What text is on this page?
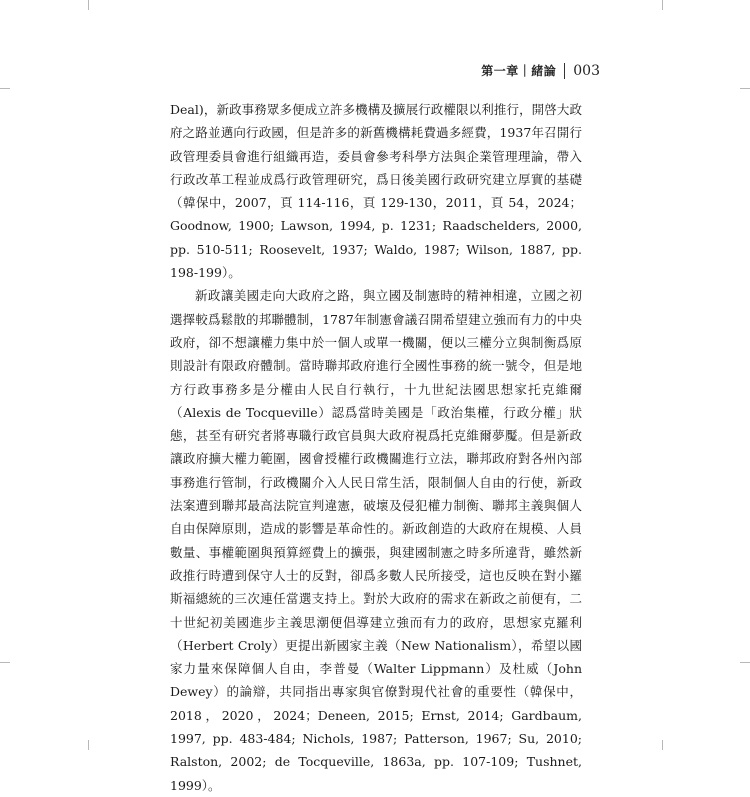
第一章｜緒論 003

Deal)，新政事務眾多便成立許多機構及擴展行政權限以利推行，開啓大政府之路並邁向行政國，但是許多的新舊機構耗費過多經費，1937年召開行政管理委員會進行組織再造，委員會參考科學方法與企業管理理論，帶入行政改革工程並成爲行政管理研究，爲日後美國行政研究建立厚實的基礎（韓保中，2007，頁 114-116，頁 129-130，2011，頁 54，2024；Goodnow, 1900; Lawson, 1994, p. 1231; Raadschelders, 2000, pp. 510-511; Roosevelt, 1937; Waldo, 1987; Wilson, 1887, pp. 198-199）。

新政讓美國走向大政府之路，與立國及制憲時的精神相違，立國之初選擇較爲鬆散的邦聯體制，1787年制憲會議召開希望建立強而有力的中央政府，卻不想讓權力集中於一個人或單一機關，便以三權分立與制衡爲原則設計有限政府體制。當時聯邦政府進行全國性事務的統一號令，但是地方行政事務多是分權由人民自行執行，十九世紀法國思想家托克維爾（Alexis de Tocqueville）認爲當時美國是「政治集權，行政分權」狀態，甚至有研究者將專職行政官員與大政府視爲托克維爾夢魘。但是新政讓政府擴大權力範圍，國會授權行政機關進行立法，聯邦政府對各州內部事務進行管制，行政機關介入人民日常生活，限制個人自由的行使，新政法案遭到聯邦最高法院宣判違憲，破壞及侵犯權力制衡、聯邦主義與個人自由保障原則，造成的影響是革命性的。新政創造的大政府在規模、人員數量、事權範圍與預算經費上的擴張，與建國制憲之時多所違背，雖然新政推行時遭到保守人士的反對，卻爲多數人民所接受，這也反映在對小羅斯福總統的三次連任當選支持上。對於大政府的需求在新政之前便有，二十世紀初美國進步主義思潮便倡導建立強而有力的政府，思想家克羅利（Herbert Croly）更提出新國家主義（New Nationalism），希望以國家力量來保障個人自由，李普曼（Walter Lippmann）及杜威（John Dewey）的論辯，共同指出專家與官僚對現代社會的重要性（韓保中，2018，2020，2024；Deneen, 2015; Ernst, 2014; Gardbaum, 1997, pp. 483-484; Nichols, 1987; Patterson, 1967; Su, 2010; Ralston, 2002; de Tocqueville, 1863a, pp. 107-109; Tushnet, 1999）。
